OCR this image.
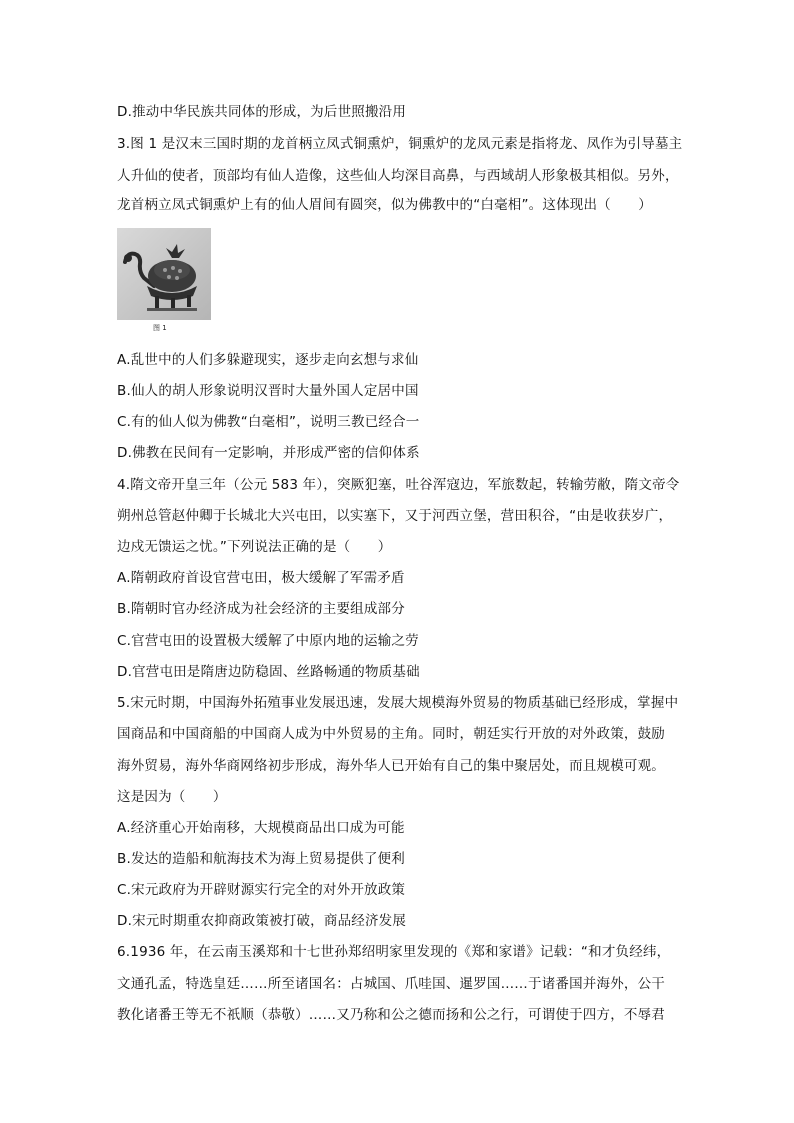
D.推动中华民族共同体的形成，为后世照搬沿用
3.图 1 是汉末三国时期的龙首柄立凤式铜熏炉，铜熏炉的龙凤元素是指将龙、凤作为引导墓主
人升仙的使者，顶部均有仙人造像，这些仙人均深目高鼻，与西域胡人形象极其相似。另外，
龙首柄立凤式铜熏炉上有的仙人眉间有圆突，似为佛教中的“白毫相”。这体现出（　　）
图 1
A.乱世中的人们多躲避现实，逐步走向玄想与求仙
B.仙人的胡人形象说明汉晋时大量外国人定居中国
C.有的仙人似为佛教“白毫相”，说明三教已经合一
D.佛教在民间有一定影响，并形成严密的信仰体系
4.隋文帝开皇三年（公元 583 年），突厥犯塞，吐谷浑寇边，军旅数起，转输劳敝，隋文帝令
朔州总管赵仲卿于长城北大兴屯田，以实塞下，又于河西立堡，营田积谷，“由是收获岁广，
边戍无馈运之忧。”下列说法正确的是（　　）
A.隋朝政府首设官营屯田，极大缓解了军需矛盾
B.隋朝时官办经济成为社会经济的主要组成部分
C.官营屯田的设置极大缓解了中原内地的运输之劳
D.官营屯田是隋唐边防稳固、丝路畅通的物质基础
5.宋元时期，中国海外拓殖事业发展迅速，发展大规模海外贸易的物质基础已经形成，掌握中
国商品和中国商船的中国商人成为中外贸易的主角。同时，朝廷实行开放的对外政策，鼓励
海外贸易，海外华商网络初步形成，海外华人已开始有自己的集中聚居处，而且规模可观。
这是因为（　　）
A.经济重心开始南移，大规模商品出口成为可能
B.发达的造船和航海技术为海上贸易提供了便利
C.宋元政府为开辟财源实行完全的对外开放政策
D.宋元时期重农抑商政策被打破，商品经济发展
6.1936 年，在云南玉溪郑和十七世孙郑绍明家里发现的《郑和家谱》记载：“和才负经纬，
文通孔孟，特选皇廷……所至诸国名：占城国、爪哇国、暹罗国……于诸番国并海外，公干
教化诸番王等无不祇顺（恭敬）……又乃称和公之德而扬和公之行，可谓使于四方，不辱君
